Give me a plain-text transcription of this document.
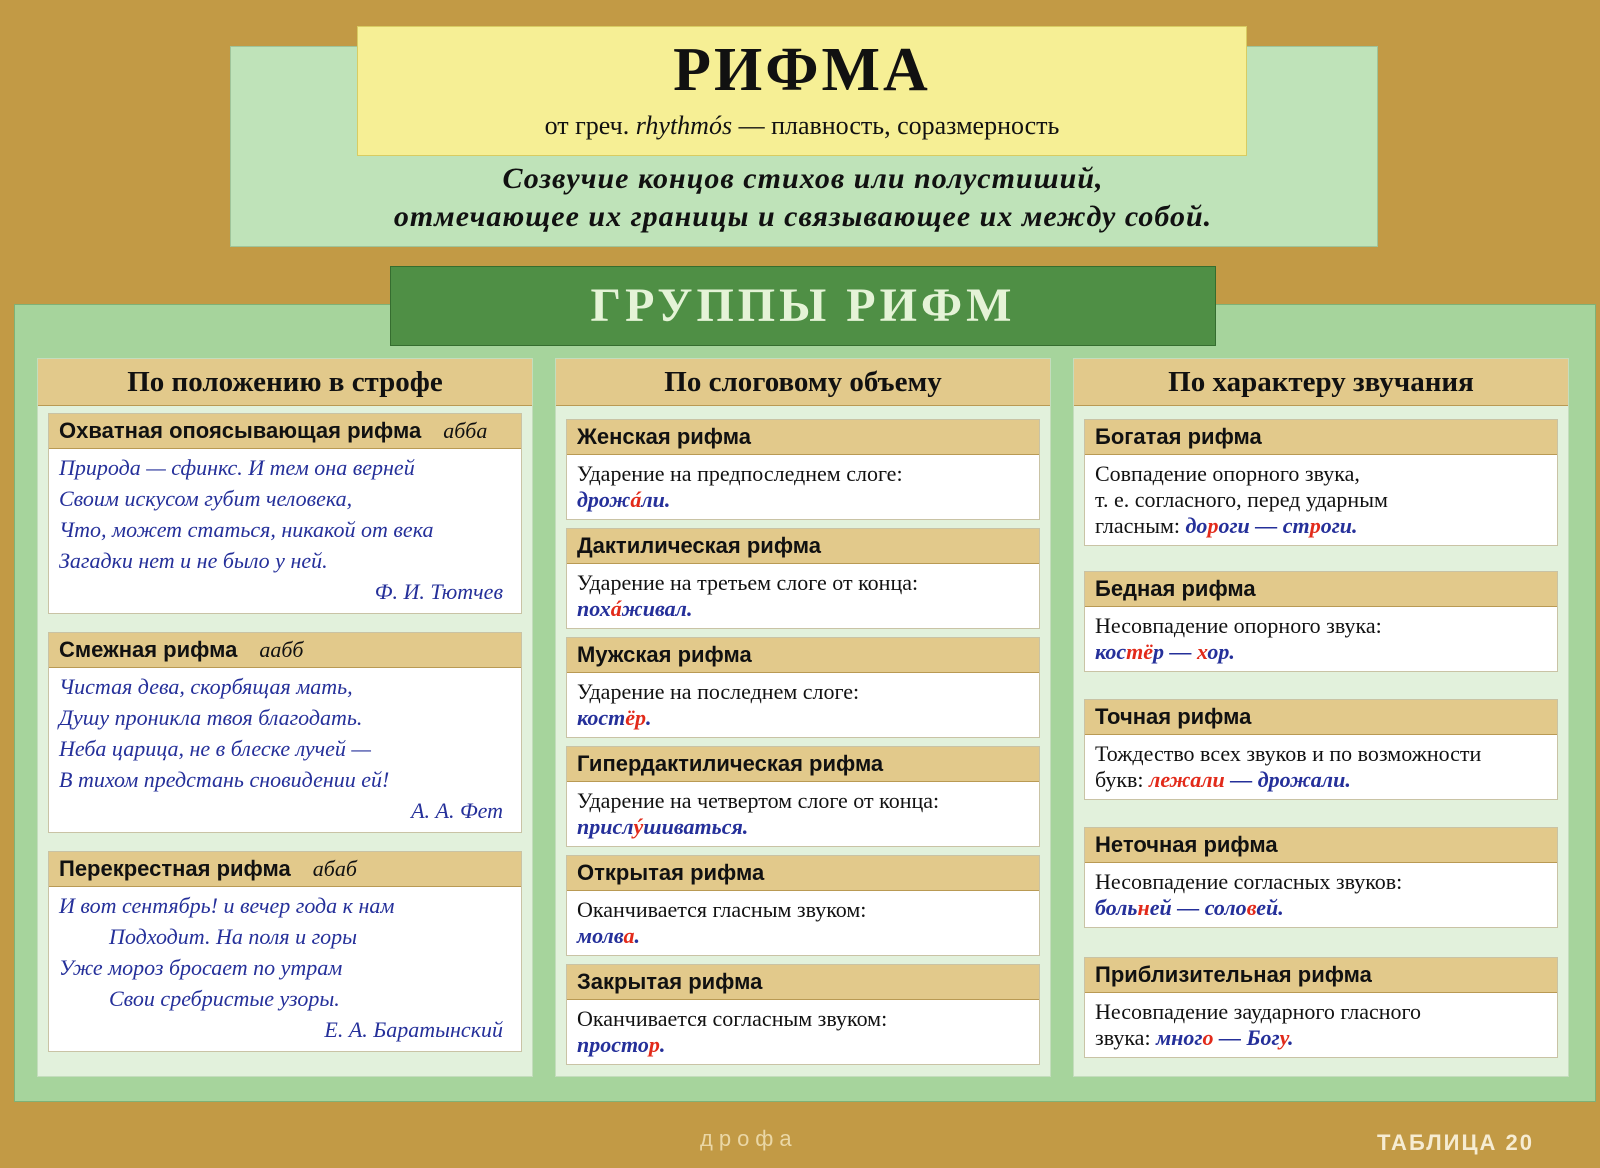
РИФМА
от греч. rhythmós — плавность, соразмерность
Созвучие концов стихов или полустиший,
отмечающее их границы и связывающее их между собой.
ГРУППЫ РИФМ
По положению в строфе
Охватная опоясывающая рифма абба
Природа — сфинкс. И тем она верней
Своим искусом губит человека,
Что, может статься, никакой от века
Загадки нет и не было у ней.
Ф. И. Тютчев
Смежная рифма аабб
Чистая дева, скорбящая мать,
Душу проникла твоя благодать.
Неба царица, не в блеске лучей —
В тихом предстань сновидении ей!
А. А. Фет
Перекрестная рифма абаб
И вот сентябрь! и вечер года к нам
Подходит. На поля и горы
Уже мороз бросает по утрам
Свои сребристые узоры.
Е. А. Баратынский
По слоговому объему
Женская рифма
Ударение на предпоследнем слоге:
дрожáли.
Дактилическая рифма
Ударение на третьем слоге от конца:
похáживал.
Мужская рифма
Ударение на последнем слоге:
костёр.
Гипердактилическая рифма
Ударение на четвертом слоге от конца:
прислýшиваться.
Открытая рифма
Оканчивается гласным звуком:
молва.
Закрытая рифма
Оканчивается согласным звуком:
простор.
По характеру звучания
Богатая рифма
Совпадение опорного звука,
т. е. согласного, перед ударным
гласным: дороги — строги.
Бедная рифма
Несовпадение опорного звука:
костёр — хор.
Точная рифма
Тождество всех звуков и по возможности
букв: лежали — дрожали.
Неточная рифма
Несовпадение согласных звуков:
больней — соловей.
Приблизительная рифма
Несовпадение заударного гласного
звука: много — Богу.
дрофа	ТАБЛИЦА 20
